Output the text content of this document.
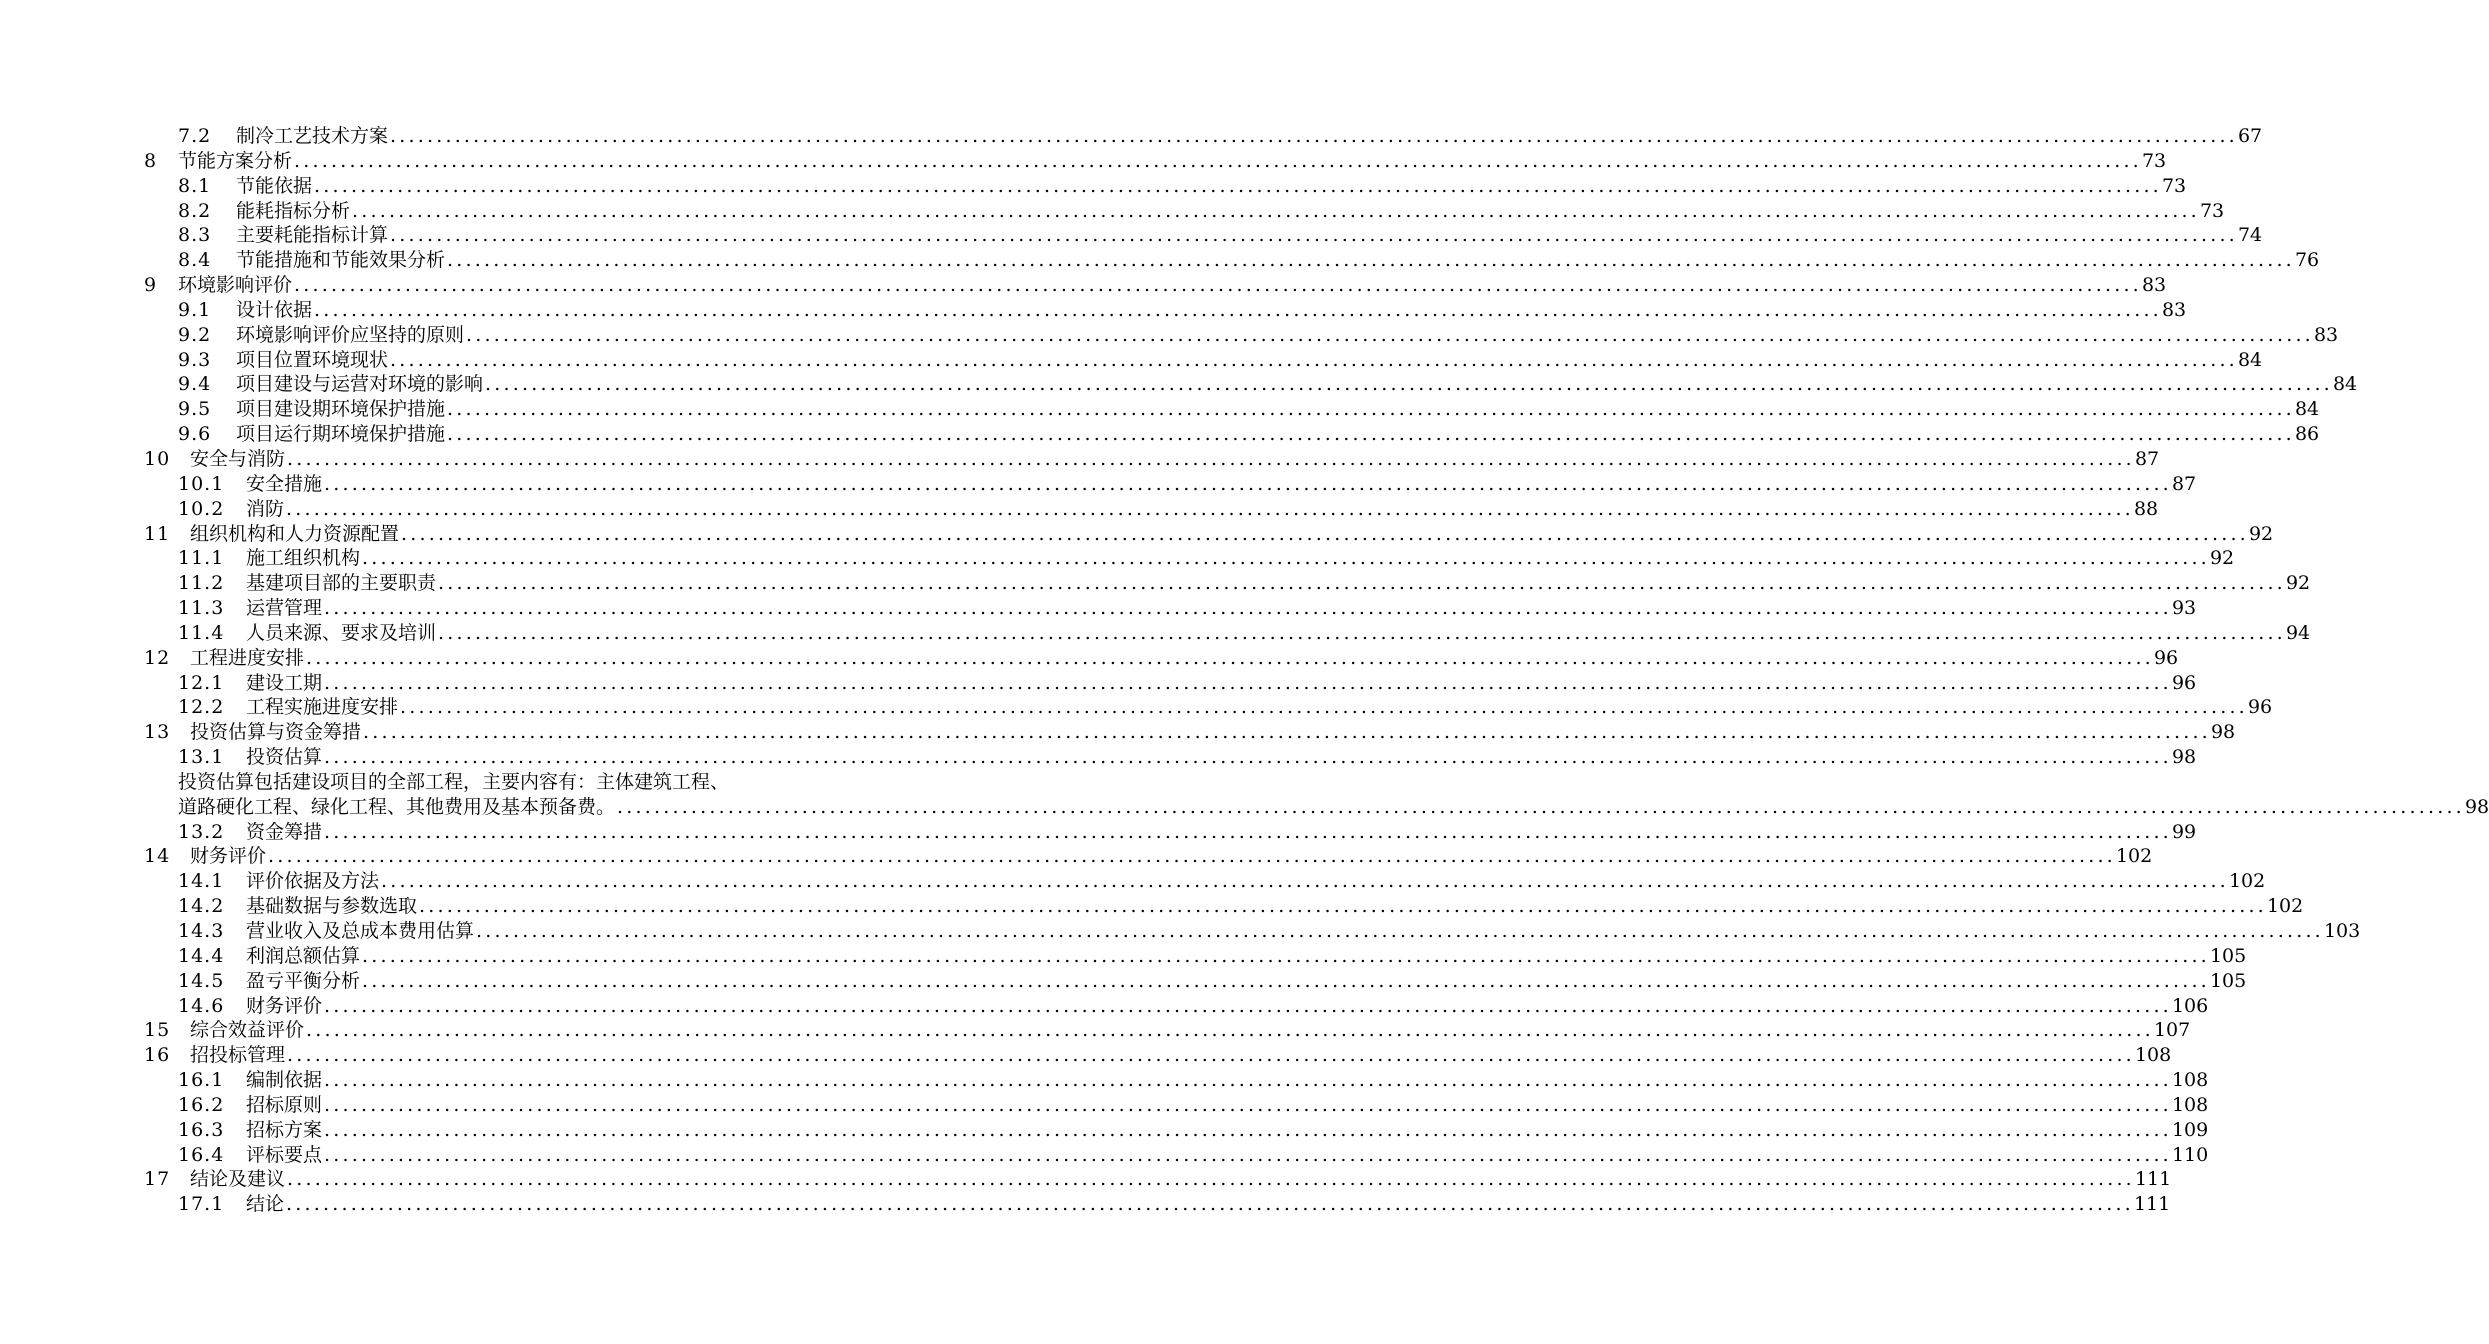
7.2 制冷工艺技术方案 ........................................................................................................................................................................................................ 67
8 节能方案分析 ........................................................................................................................................................................................................ 73
8.1 节能依据 ........................................................................................................................................................................................................ 73
8.2 能耗指标分析 ........................................................................................................................................................................................................ 73
8.3 主要耗能指标计算 ........................................................................................................................................................................................................ 74
8.4 节能措施和节能效果分析 ........................................................................................................................................................................................................ 76
9 环境影响评价 ........................................................................................................................................................................................................ 83
9.1 设计依据 ........................................................................................................................................................................................................ 83
9.2 环境影响评价应坚持的原则 ........................................................................................................................................................................................................ 83
9.3 项目位置环境现状 ........................................................................................................................................................................................................ 84
9.4 项目建设与运营对环境的影响 ........................................................................................................................................................................................................ 84
9.5 项目建设期环境保护措施 ........................................................................................................................................................................................................ 84
9.6 项目运行期环境保护措施 ........................................................................................................................................................................................................ 86
10 安全与消防 ........................................................................................................................................................................................................ 87
10.1 安全措施 ........................................................................................................................................................................................................ 87
10.2 消防 ........................................................................................................................................................................................................ 88
11 组织机构和人力资源配置 ........................................................................................................................................................................................................ 92
11.1 施工组织机构 ........................................................................................................................................................................................................ 92
11.2 基建项目部的主要职责 ........................................................................................................................................................................................................ 92
11.3 运营管理 ........................................................................................................................................................................................................ 93
11.4 人员来源、要求及培训 ........................................................................................................................................................................................................ 94
12 工程进度安排 ........................................................................................................................................................................................................ 96
12.1 建设工期 ........................................................................................................................................................................................................ 96
12.2 工程实施进度安排 ........................................................................................................................................................................................................ 96
13 投资估算与资金筹措 ........................................................................................................................................................................................................ 98
13.1 投资估算 ........................................................................................................................................................................................................ 98
投资估算包括建设项目的全部工程，主要内容有：主体建筑工程、
道路硬化工程、绿化工程、其他费用及基本预备费。 ........................................................................................................................................................................................................ 98
13.2 资金筹措 ........................................................................................................................................................................................................ 99
14 财务评价 ........................................................................................................................................................................................................ 102
14.1 评价依据及方法 ........................................................................................................................................................................................................ 102
14.2 基础数据与参数选取 ........................................................................................................................................................................................................ 102
14.3 营业收入及总成本费用估算 ........................................................................................................................................................................................................ 103
14.4 利润总额估算 ........................................................................................................................................................................................................ 105
14.5 盈亏平衡分析 ........................................................................................................................................................................................................ 105
14.6 财务评价 ........................................................................................................................................................................................................ 106
15 综合效益评价 ........................................................................................................................................................................................................ 107
16 招投标管理 ........................................................................................................................................................................................................ 108
16.1 编制依据 ........................................................................................................................................................................................................ 108
16.2 招标原则 ........................................................................................................................................................................................................ 108
16.3 招标方案 ........................................................................................................................................................................................................ 109
16.4 评标要点 ........................................................................................................................................................................................................ 110
17 结论及建议 ........................................................................................................................................................................................................ 111
17.1 结论 ........................................................................................................................................................................................................ 111
